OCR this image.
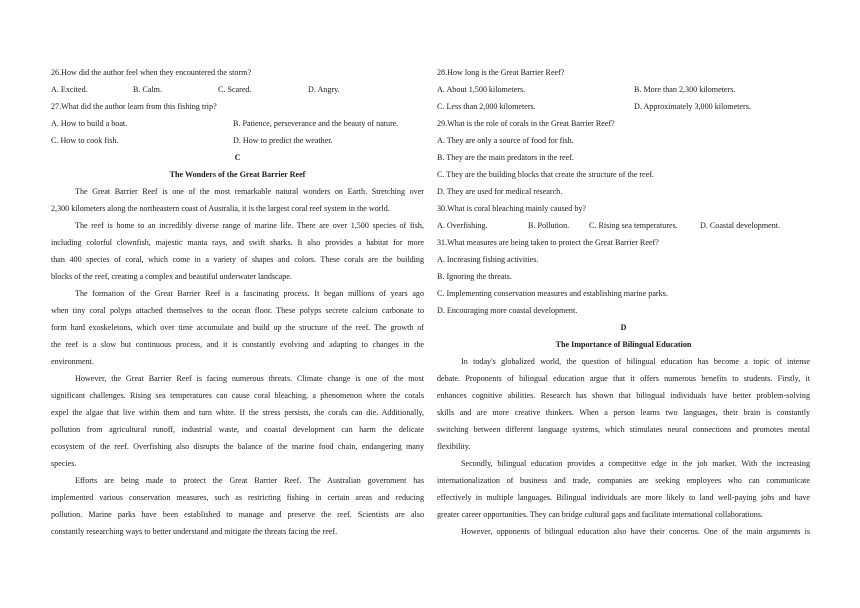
26.How did the author feel when they encountered the storm?
A. Excited.	B. Calm.	C. Scared.	D. Angry.
27.What did the author learn from this fishing trip?
A. How to build a boat.	B. Patience, perseverance and the beauty of nature.
C. How to cook fish.	D. How to predict the weather.
C
The Wonders of the Great Barrier Reef
The Great Barrier Reef is one of the most remarkable natural wonders on Earth. Stretching over
2,300 kilometers along the northeastern coast of Australia, it is the largest coral reef system in the world.
The reef is home to an incredibly diverse range of marine life. There are over 1,500 species of fish,
including colorful clownfish, majestic manta rays, and swift sharks. It also provides a habitat for more
than 400 species of coral, which come in a variety of shapes and colors. These corals are the building
blocks of the reef, creating a complex and beautiful underwater landscape.
The formation of the Great Barrier Reef is a fascinating process. It began millions of years ago
when tiny coral polyps attached themselves to the ocean floor. These polyps secrete calcium carbonate to
form hard exoskeletons, which over time accumulate and build up the structure of the reef. The growth of
the reef is a slow but continuous process, and it is constantly evolving and adapting to changes in the
environment.
However, the Great Barrier Reef is facing numerous threats. Climate change is one of the most
significant challenges. Rising sea temperatures can cause coral bleaching, a phenomenon where the corals
expel the algae that live within them and turn white. If the stress persists, the corals can die. Additionally,
pollution from agricultural runoff, industrial waste, and coastal development can harm the delicate
ecosystem of the reef. Overfishing also disrupts the balance of the marine food chain, endangering many
species.
Efforts are being made to protect the Great Barrier Reef. The Australian government has
implemented various conservation measures, such as restricting fishing in certain areas and reducing
pollution. Marine parks have been established to manage and preserve the reef. Scientists are also
constantly researching ways to better understand and mitigate the threats facing the reef.
28.How long is the Great Barrier Reef?
A. About 1,500 kilometers.	B. More than 2,300 kilometers.
C. Less than 2,000 kilometers.	D. Approximately 3,000 kilometers.
29.What is the role of corals in the Great Barrier Reef?
A. They are only a source of food for fish.
B. They are the main predators in the reef.
C. They are the building blocks that create the structure of the reef.
D. They are used for medical research.
30.What is coral bleaching mainly caused by?
A. Overfishing.	B. Pollution.	C. Rising sea temperatures.	D. Coastal development.
31.What measures are being taken to protect the Great Barrier Reef?
A. Increasing fishing activities.
B. Ignoring the threats.
C. Implementing conservation measures and establishing marine parks.
D. Encouraging more coastal development.
D
The Importance of Bilingual Education
In today's globalized world, the question of bilingual education has become a topic of intense
debate. Proponents of bilingual education argue that it offers numerous benefits to students. Firstly, it
enhances cognitive abilities. Research has shown that bilingual individuals have better problem-solving
skills and are more creative thinkers. When a person learns two languages, their brain is constantly
switching between different language systems, which stimulates neural connections and promotes mental
flexibility.
Secondly, bilingual education provides a competitive edge in the job market. With the increasing
internationalization of business and trade, companies are seeking employees who can communicate
effectively in multiple languages. Bilingual individuals are more likely to land well-paying jobs and have
greater career opportunities. They can bridge cultural gaps and facilitate international collaborations.
However, opponents of bilingual education also have their concerns. One of the main arguments is
